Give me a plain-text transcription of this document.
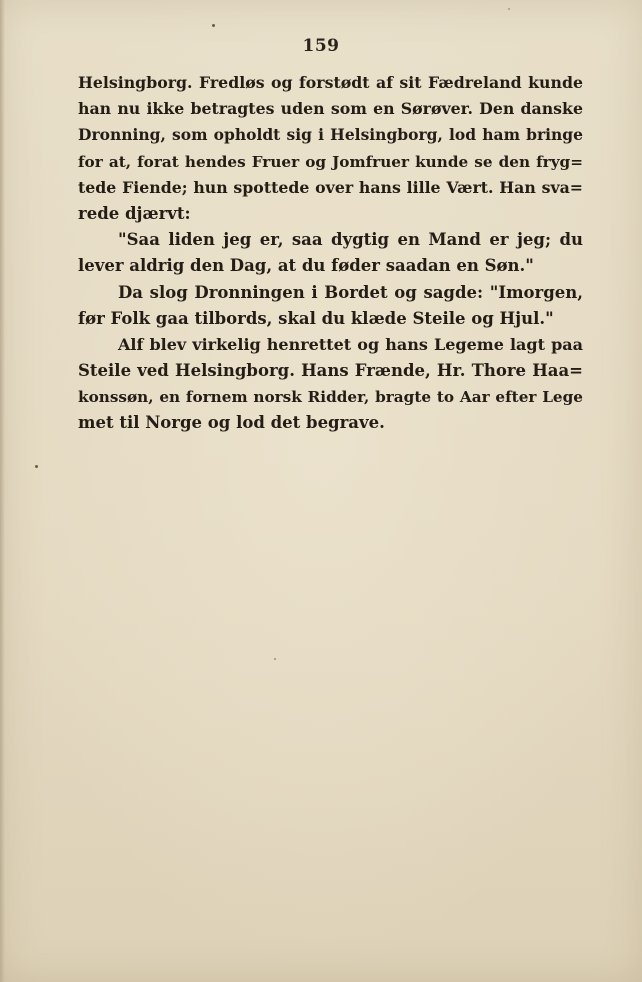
159
Helsingborg. Fredløs og forstødt af sit Fædreland kunde
han nu ikke betragtes uden som en Sørøver. Den danske
Dronning, som opholdt sig i Helsingborg, lod ham bringe
for at, forat hendes Fruer og Jomfruer kunde se den fryg=
tede Fiende; hun spottede over hans lille Vært. Han sva=
rede djærvt:
"Saa liden jeg er, saa dygtig en Mand er jeg; du
lever aldrig den Dag, at du føder saadan en Søn."
Da slog Dronningen i Bordet og sagde: "Imorgen,
før Folk gaa tilbords, skal du klæde Steile og Hjul."
Alf blev virkelig henrettet og hans Legeme lagt paa
Steile ved Helsingborg. Hans Frænde, Hr. Thore Haa=
konssøn, en fornem norsk Ridder, bragte to Aar efter Lege
met til Norge og lod det begrave.
